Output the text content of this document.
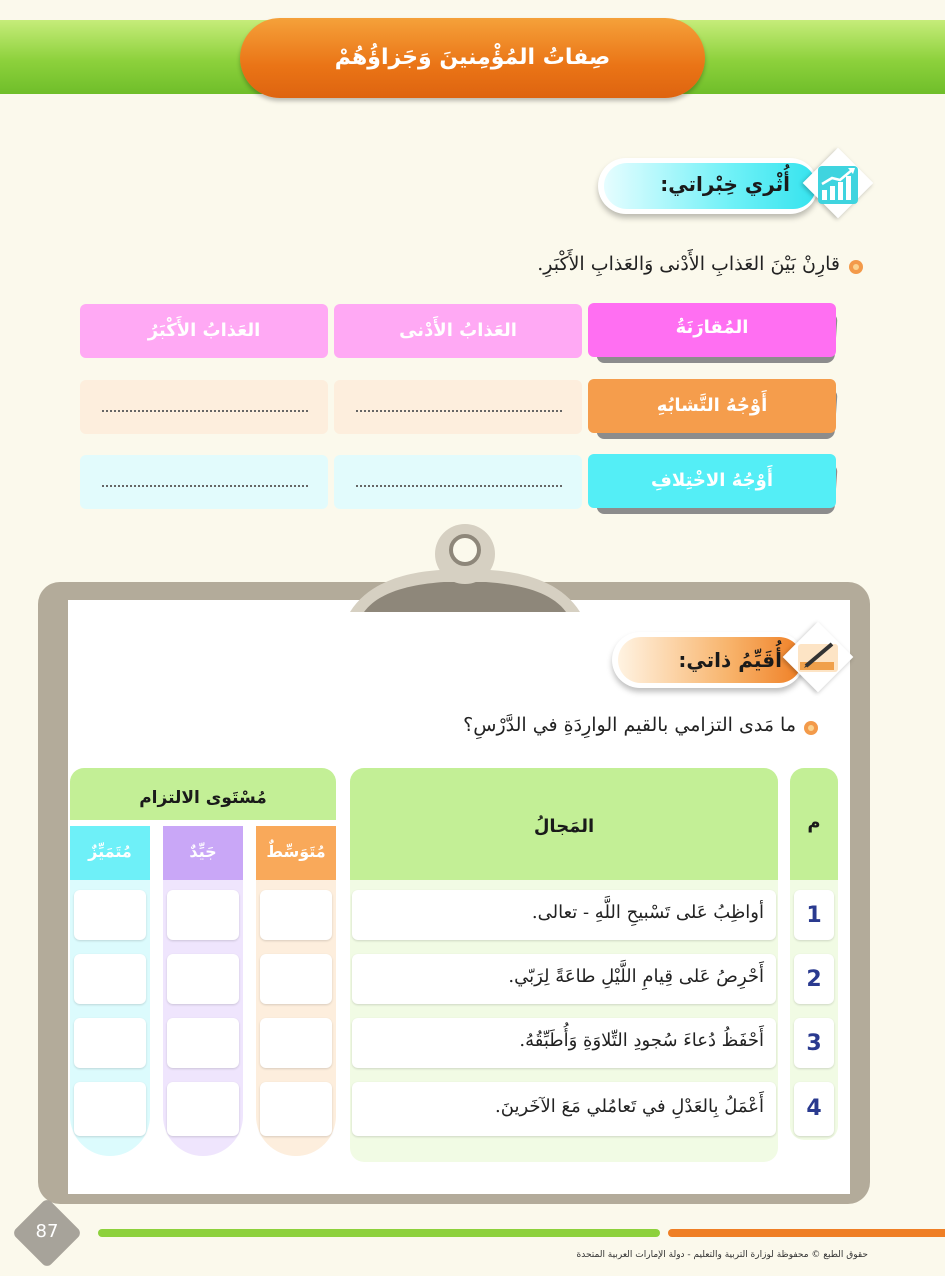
صِفاتُ المُؤْمِنينَ وَجَزاؤُهُمْ
أُثْري خِبْراتي:
قارِنْ بَيْنَ العَذابِ الأَدْنى وَالعَذابِ الأَكْبَرِ.
المُقارَنَةُ
العَذابُ الأَدْنى
العَذابُ الأَكْبَرُ
أَوْجُهُ التَّشابُهِ
أَوْجُهُ الاخْتِلافِ
أُقَيِّمُ ذاتي:
ما مَدى التزامي بالقيم الوارِدَةِ في الدَّرْسِ؟
م
المَجالُ
مُسْتَوى الالتزام
مُتَوَسِّطٌ
جَيِّدٌ
مُتَمَيِّزٌ
1
أواظِبُ عَلى تَسْبيحِ اللَّهِ - تعالى.
2
أَحْرِصُ عَلى قِيامِ اللَّيْلِ طاعَةً لِرَبّي.
3
أَحْفَظُ دُعاءَ سُجودِ التِّلاوَةِ وَأُطَبِّقُهُ.
4
أَعْمَلُ بِالعَدْلِ في تَعامُلي مَعَ الآخَرينَ.
87
حقوق الطبع © محفوظة لوزارة التربية والتعليم - دولة الإمارات العربية المتحدة
